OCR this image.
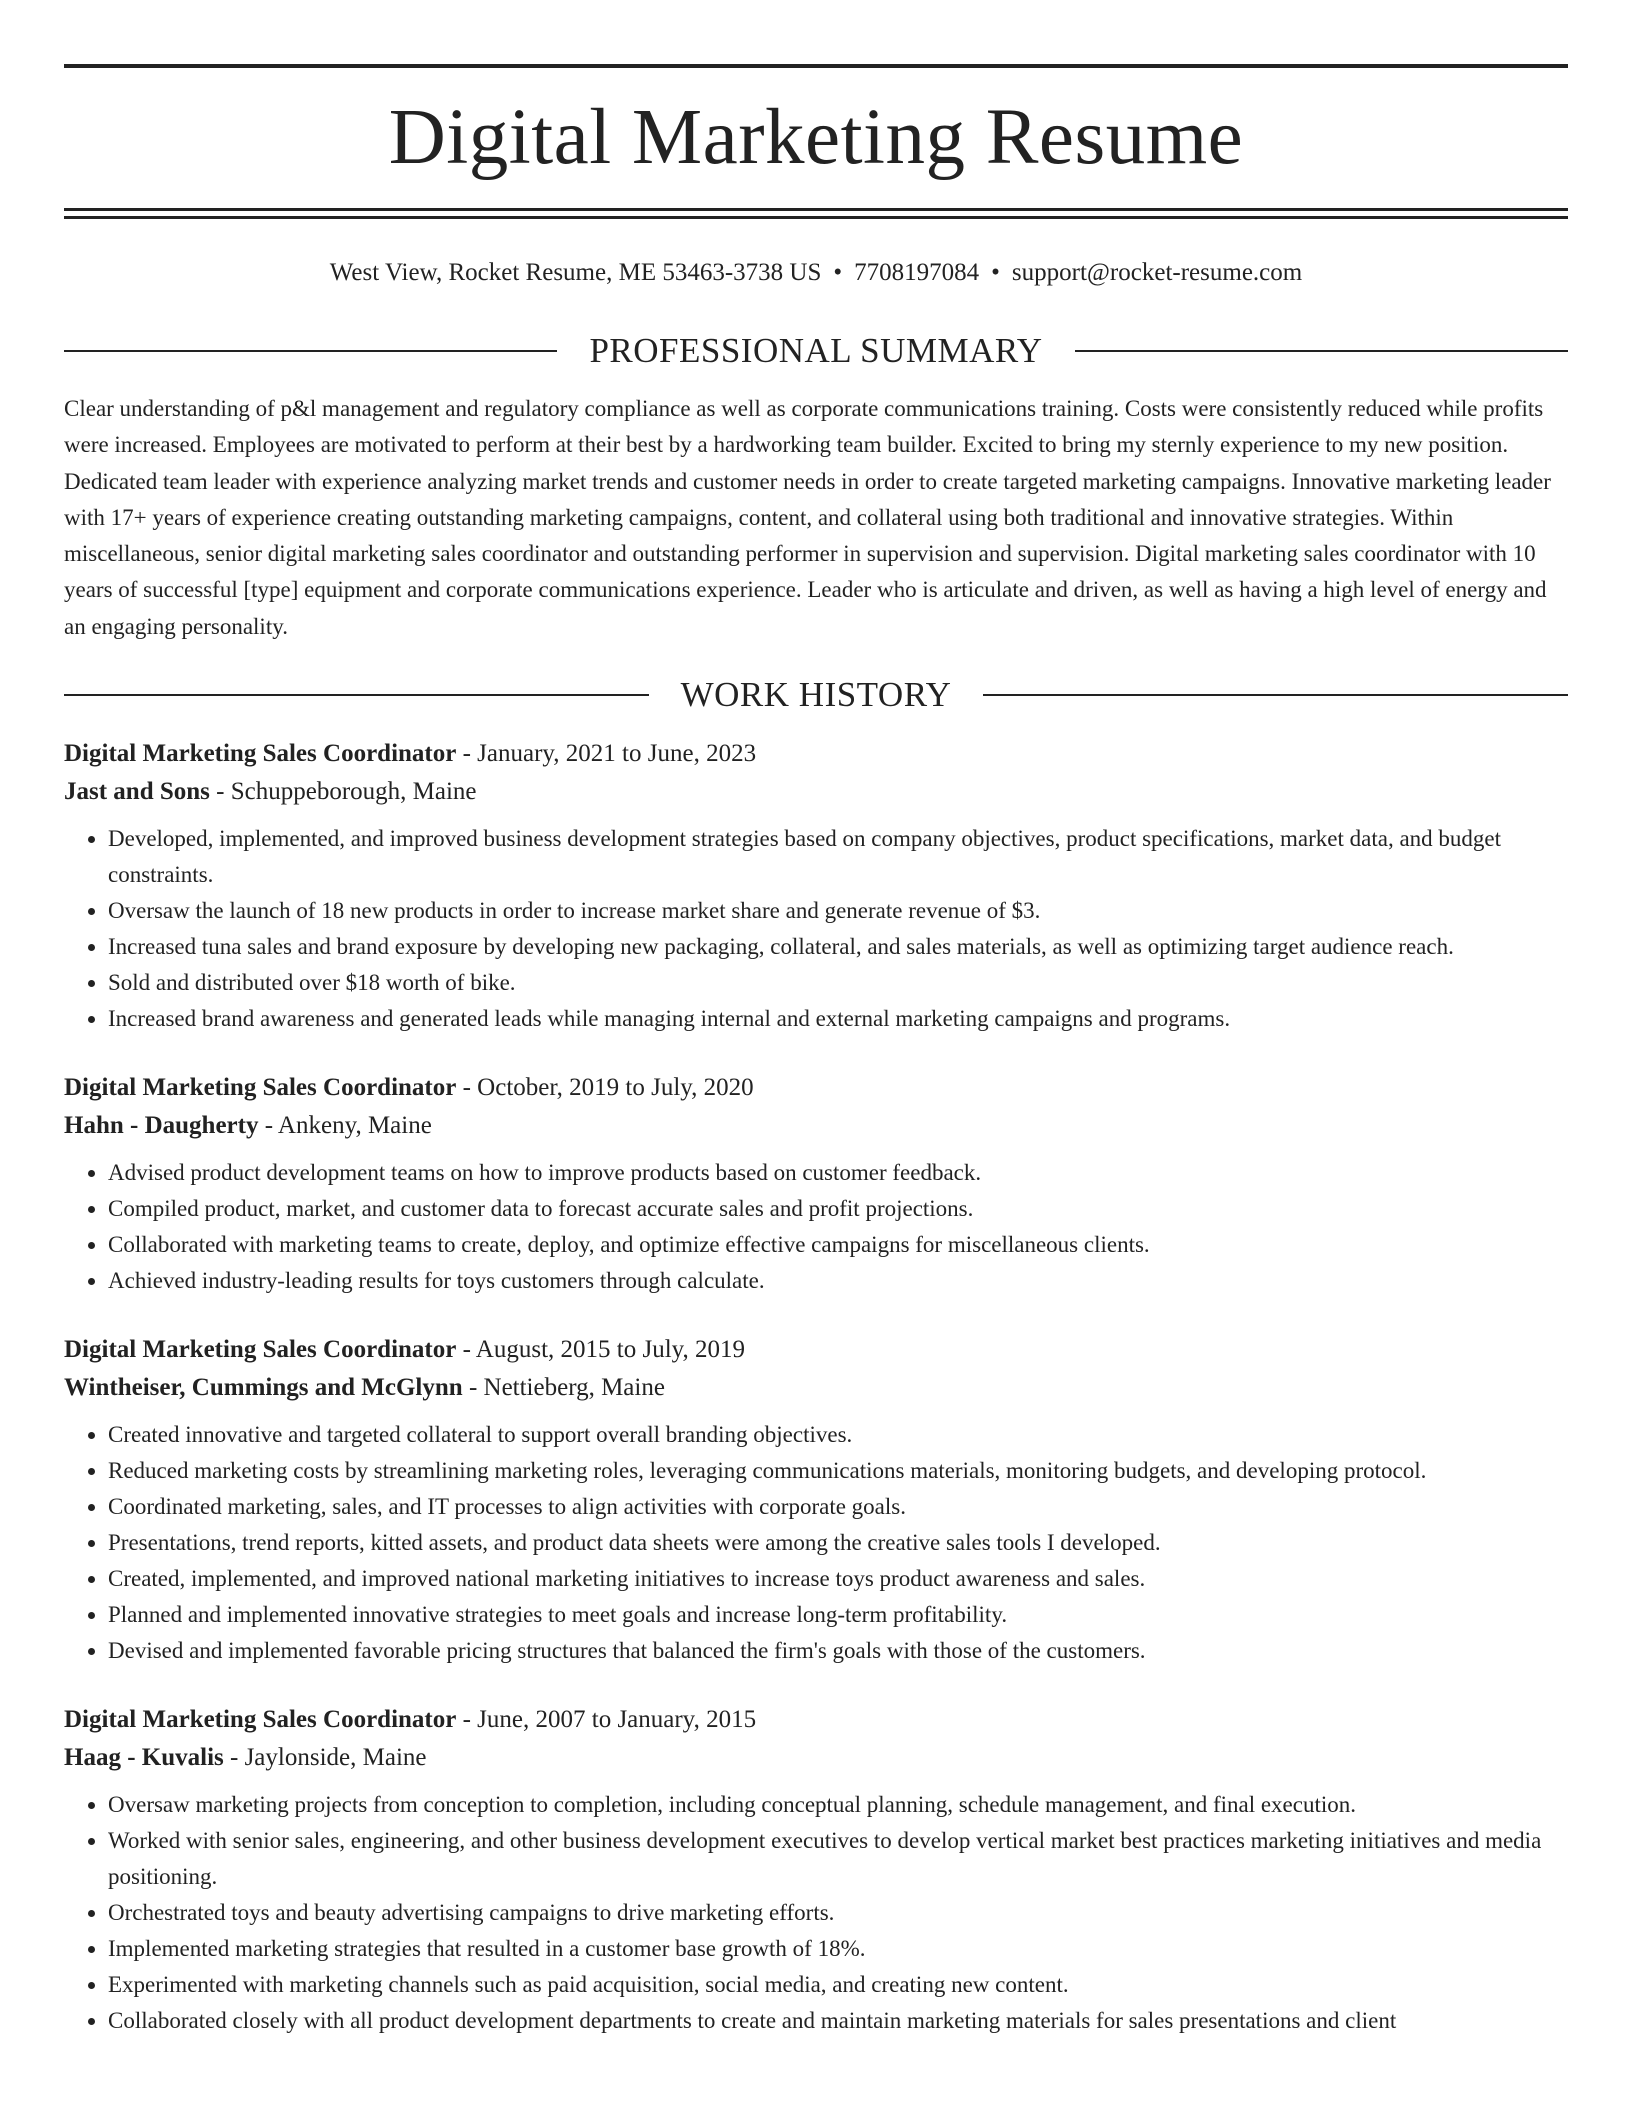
Digital Marketing Resume
West View, Rocket Resume, ME 53463-3738 US • 7708197084 • support@rocket-resume.com
PROFESSIONAL SUMMARY

Clear understanding of p&l management and regulatory compliance as well as corporate communications training. Costs were consistently reduced while profits were increased. Employees are motivated to perform at their best by a hardworking team builder. Excited to bring my sternly experience to my new position. Dedicated team leader with experience analyzing market trends and customer needs in order to create targeted marketing campaigns. Innovative marketing leader with 17+ years of experience creating outstanding marketing campaigns, content, and collateral using both traditional and innovative strategies. Within miscellaneous, senior digital marketing sales coordinator and outstanding performer in supervision and supervision. Digital marketing sales coordinator with 10 years of successful [type] equipment and corporate communications experience. Leader who is articulate and driven, as well as having a high level of energy and an engaging personality.

WORK HISTORY

Digital Marketing Sales Coordinator - January, 2021 to June, 2023

Jast and Sons - Schuppeborough, Maine

• Developed, implemented, and improved business development strategies based on company objectives, product specifications, market data, and budget constraints.
• Oversaw the launch of 18 new products in order to increase market share and generate revenue of $3.
• Increased tuna sales and brand exposure by developing new packaging, collateral, and sales materials, as well as optimizing target audience reach.
• Sold and distributed over $18 worth of bike.
• Increased brand awareness and generated leads while managing internal and external marketing campaigns and programs.

Digital Marketing Sales Coordinator - October, 2019 to July, 2020

Hahn - Daugherty - Ankeny, Maine

• Advised product development teams on how to improve products based on customer feedback.
• Compiled product, market, and customer data to forecast accurate sales and profit projections.
• Collaborated with marketing teams to create, deploy, and optimize effective campaigns for miscellaneous clients.
• Achieved industry-leading results for toys customers through calculate.

Digital Marketing Sales Coordinator - August, 2015 to July, 2019

Wintheiser, Cummings and McGlynn - Nettieberg, Maine

• Created innovative and targeted collateral to support overall branding objectives.
• Reduced marketing costs by streamlining marketing roles, leveraging communications materials, monitoring budgets, and developing protocol.
• Coordinated marketing, sales, and IT processes to align activities with corporate goals.
• Presentations, trend reports, kitted assets, and product data sheets were among the creative sales tools I developed.
• Created, implemented, and improved national marketing initiatives to increase toys product awareness and sales.
• Planned and implemented innovative strategies to meet goals and increase long-term profitability.
• Devised and implemented favorable pricing structures that balanced the firm's goals with those of the customers.

Digital Marketing Sales Coordinator - June, 2007 to January, 2015

Haag - Kuvalis - Jaylonside, Maine

• Oversaw marketing projects from conception to completion, including conceptual planning, schedule management, and final execution.
• Worked with senior sales, engineering, and other business development executives to develop vertical market best practices marketing initiatives and media positioning.
• Orchestrated toys and beauty advertising campaigns to drive marketing efforts.
• Implemented marketing strategies that resulted in a customer base growth of 18%.
• Experimented with marketing channels such as paid acquisition, social media, and creating new content.
• Collaborated closely with all product development departments to create and maintain marketing materials for sales presentations and client
